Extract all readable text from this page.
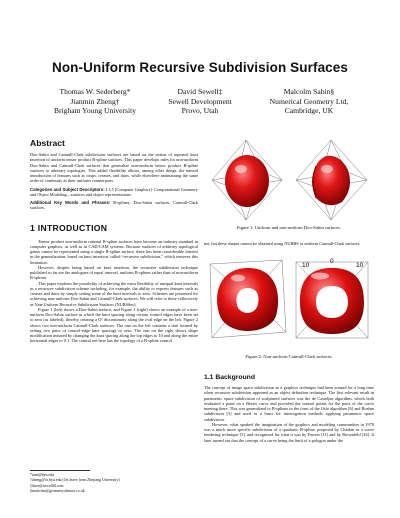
Non-Uniform Recursive Subdivision Surfaces
Thomas W. Sederberg*
Jianmin Zheng†
Brigham Young University
David Sewell‡
Sewell Development
Provo, Utah
Malcolm Sabin§
Numerical Geometry Ltd,
Cambridge, UK
Abstract

Doo-Sabin and Catmull-Clark subdivision surfaces are based on the notion of repeated knot insertion of uniform tensor product B-spline surfaces. This paper develops rules for non-uniform Doo-Sabin and Catmull-Clark surfaces that generalize non-uniform tensor product B-spline surfaces to arbitrary topologies. This added flexibility allows, among other things, the natural introduction of features such as cusps, creases, and darts, while elsewhere maintaining the same order of continuity as their uniform counterparts.

Categories and Subject Descriptors: I.3.5 [Computer Graphics]: Computational Geometry and Object Modeling—surfaces and object representations.

Additional Key Words and Phrases: B-splines, Doo-Sabin surfaces, Catmull-Clark surfaces.

1 INTRODUCTION

Tensor product non-uniform rational B-spline surfaces have become an industry standard in computer graphics, as well as in CAD/CAM systems. Because surfaces of arbitrary topological genus cannot be represented using a single B-spline surface, there has been considerable interest in the generalization, based on knot insertion, called “recursive subdivision,” which removes this limitation.

However, despite being based on knot insertion, the recursive subdivision technique published so far are the analogues of equal interval, uniform B-splines rather than of non-uniform B-splines.

This paper explores the possibility of achieving the extra flexibility of unequal knot intervals in a recursive subdivision scheme including, for example, the ability to express features such as creases and darts by simply setting some of the knot intervals to zero. Schemes are presented for achieving non-uniform Doo-Sabin and Catmull-Clark surfaces. We will refer to these collectively as Non-Uniform Recursive Subdivision Surfaces (NURSSes).

Figure 1 (left) shows a Doo-Sabin surface, and Figure 1 (right) shows an example of a non-uniform Doo-Sabin surface in which the knot spacing along certain control edges have been set to zero (as labeled), thereby creating a G¹ discontinuity along the oval edge on the left. Figure 2 shows two non-uniform Catmull-Clark surfaces. The one on the left contains a dart formed by setting two pairs of control-edge knot spacings to zero. The one on the right shows shape modification induced by changing the knot spacing along the top edges to 10 and along the entire horizontal edges to 0.1. The control net here has the topology of a B-spline control

*tom@byu.edu
†zheng@cs.byu.edu (On leave from Zhejiang University)
‡dave@sewelldl.com
§malcolm@geometry.demon.co.uk
Figure 1: Uniform and non-uniform Doo-Sabin surfaces.

net, but these shapes cannot be obtained using NURBS or uniform Catmull-Clark surfaces.

10
0
10
Figure 2: Non-uniform Catmull-Clark surfaces.
1.1 Background

The concept of image space subdivision as a graphics technique had been around for a long time when recursive subdivision appeared as an object definition technique. The first relevant result in parametric space subdivision of sculptured surfaces was the de Casteljau algorithm, which both evaluated a point on a Bézier curve and provided the control points for the parts of the curve meeting there. This was generalized to B-splines in the form of the Oslo algorithm [6] and Boehm subdivision [3] and used as a basis for interrogation methods applying parametric space subdivision.

However, what sparked the imagination of the graphics and modeling communities in 1978 was a much more specific subdivision of a quadratic B-spline, proposed by Chaikin as a curve rendering technique [5], and recognized for what it was by Forrest [11] and by Riesenfeld [26]. It later turned out that the concept of a curve being the limit of a polygon under the
